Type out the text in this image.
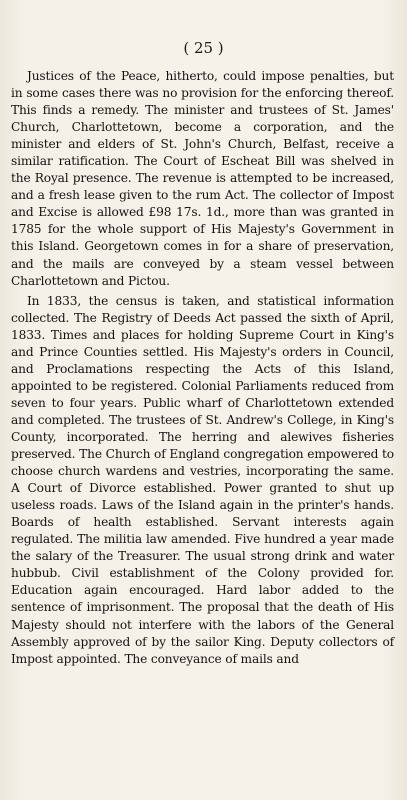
( 25 )

Justices of the Peace, hitherto, could impose penalties, but in some cases there was no provision for the enforcing thereof. This finds a remedy. The minister and trustees of St. James' Church, Charlottetown, become a corporation, and the minister and elders of St. John's Church, Belfast, receive a similar ratification. The Court of Escheat Bill was shelved in the Royal presence. The revenue is attempted to be increased, and a fresh lease given to the rum Act. The collector of Impost and Excise is allowed £98 17s. 1d., more than was granted in 1785 for the whole support of His Majesty's Government in this Island. Georgetown comes in for a share of preservation, and the mails are conveyed by a steam vessel between Charlottetown and Pictou.

In 1833, the census is taken, and statistical information collected. The Registry of Deeds Act passed the sixth of April, 1833. Times and places for holding Supreme Court in King's and Prince Counties settled. His Majesty's orders in Council, and Proclamations respecting the Acts of this Island, appointed to be registered. Colonial Parliaments reduced from seven to four years. Public wharf of Charlottetown extended and completed. The trustees of St. Andrew's College, in King's County, incorporated. The herring and alewives fisheries preserved. The Church of England congregation empowered to choose church wardens and vestries, incorporating the same. A Court of Divorce established. Power granted to shut up useless roads. Laws of the Island again in the printer's hands. Boards of health established. Servant interests again regulated. The militia law amended. Five hundred a year made the salary of the Treasurer. The usual strong drink and water hubbub. Civil establishment of the Colony provided for. Education again encouraged. Hard labor added to the sentence of imprisonment. The proposal that the death of His Majesty should not interfere with the labors of the General Assembly approved of by the sailor King. Deputy collectors of Impost appointed. The conveyance of mails and
